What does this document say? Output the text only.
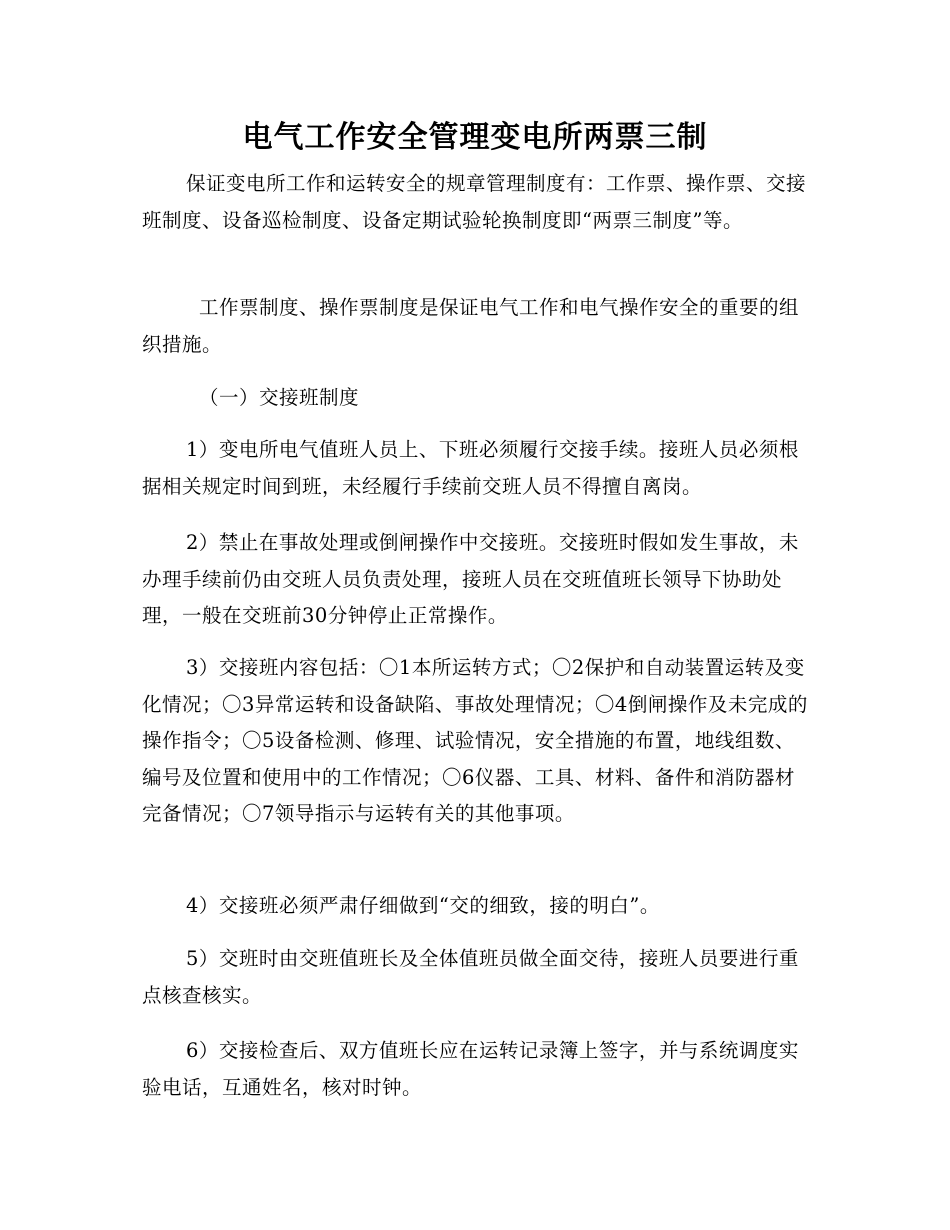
电气工作安全管理变电所两票三制
保证变电所工作和运转安全的规章管理制度有：工作票、操作票、交接班制度、设备巡检制度、设备定期试验轮换制度即“两票三制度”等。
工作票制度、操作票制度是保证电气工作和电气操作安全的重要的组织措施。
（一）交接班制度
1）变电所电气值班人员上、下班必须履行交接手续。接班人员必须根据相关规定时间到班，未经履行手续前交班人员不得擅自离岗。
2）禁止在事故处理或倒闸操作中交接班。交接班时假如发生事故，未办理手续前仍由交班人员负责处理，接班人员在交班值班长领导下协助处理，一般在交班前30分钟停止正常操作。
3）交接班内容包括：〇1本所运转方式；〇2保护和自动装置运转及变化情况；〇3异常运转和设备缺陷、事故处理情况；〇4倒闸操作及未完成的操作指令；〇5设备检测、修理、试验情况，安全措施的布置，地线组数、编号及位置和使用中的工作情况；〇6仪器、工具、材料、备件和消防器材完备情况；〇7领导指示与运转有关的其他事项。
4）交接班必须严肃仔细做到“交的细致，接的明白”。
5）交班时由交班值班长及全体值班员做全面交待，接班人员要进行重点核查核实。
6）交接检查后、双方值班长应在运转记录簿上签字，并与系统调度实验电话，互通姓名，核对时钟。
